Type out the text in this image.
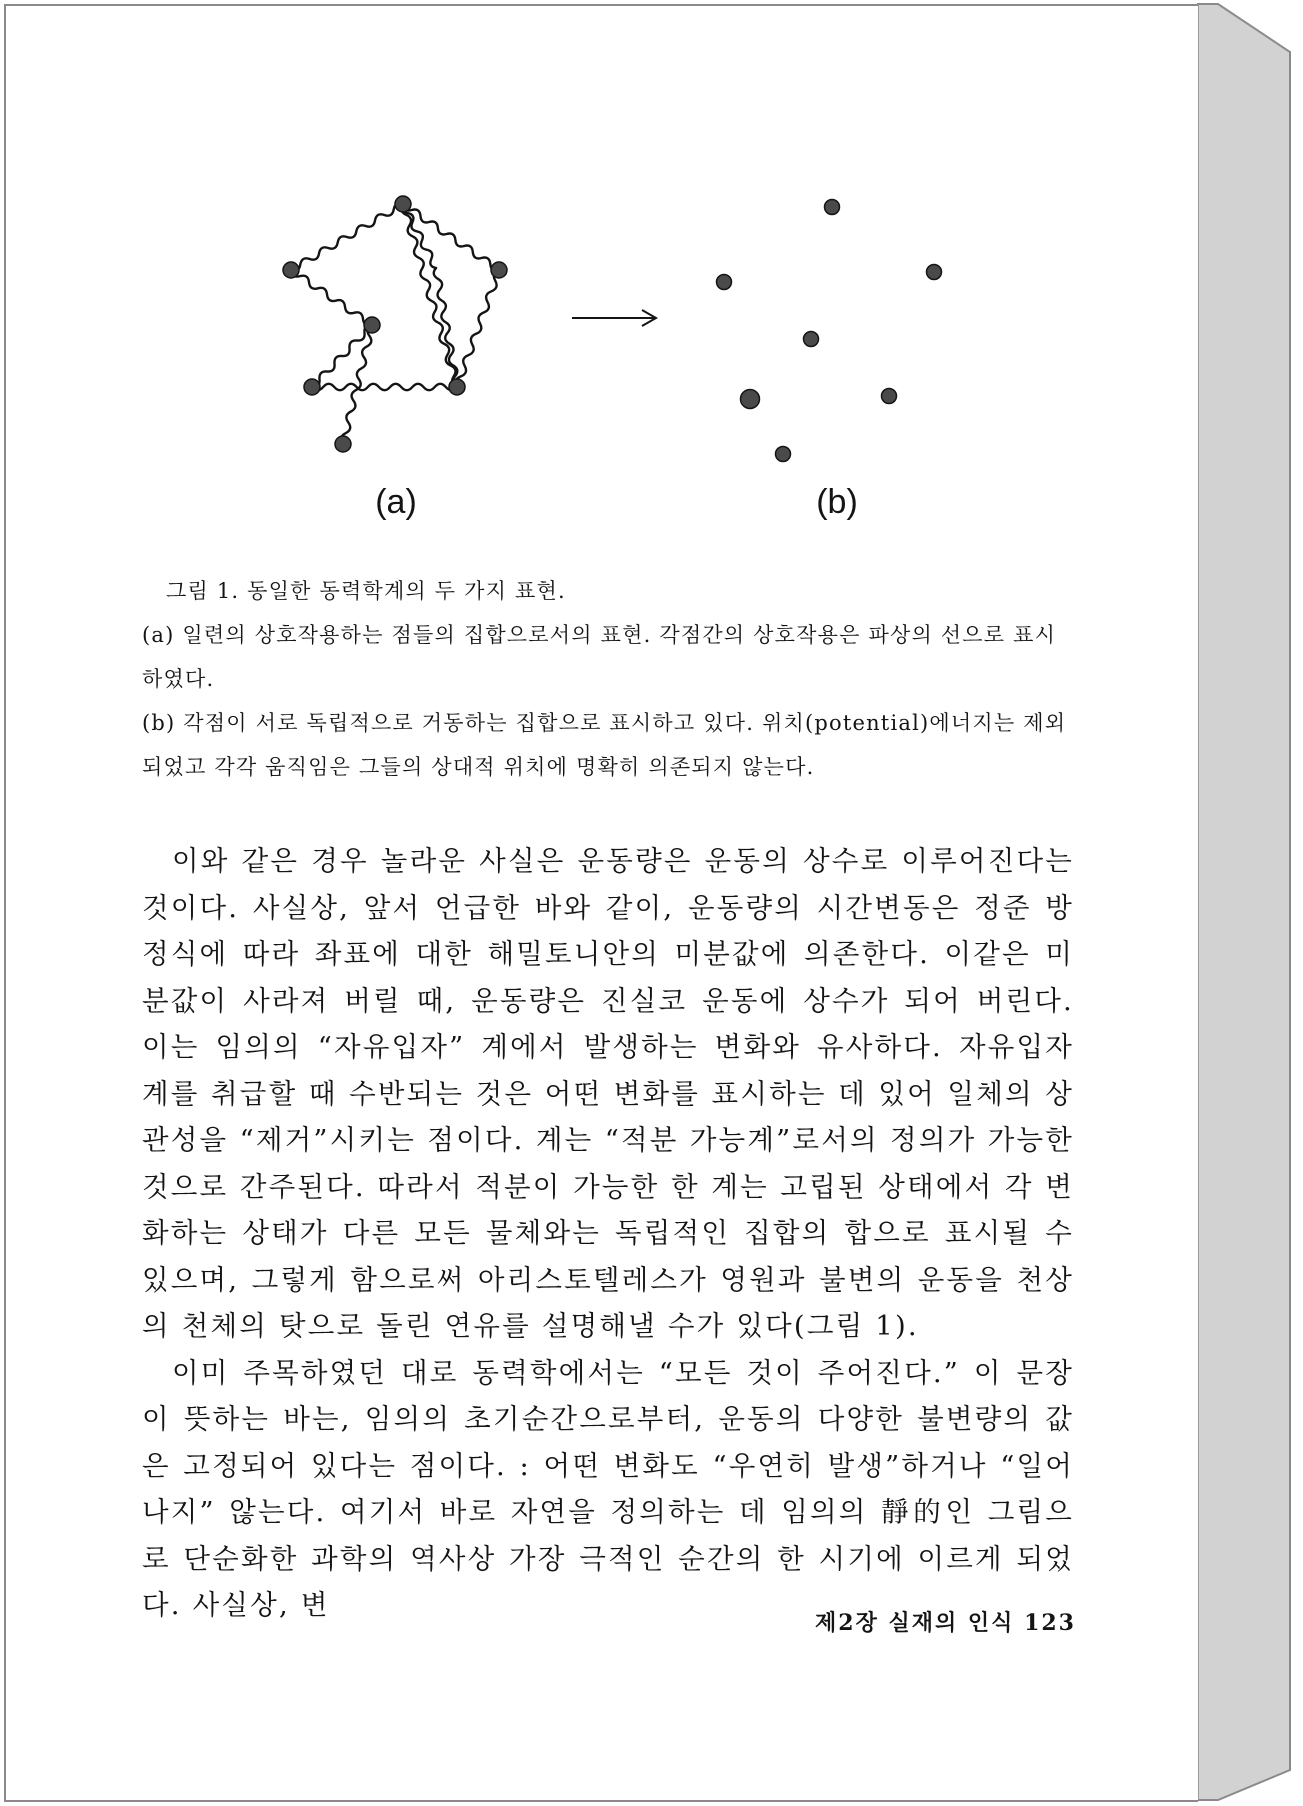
(a)	(b)

그림 1. 동일한 동력학계의 두 가지 표현.

(a) 일련의 상호작용하는 점들의 집합으로서의 표현. 각점간의 상호작용은 파상의 선으로 표시하였다.

(b) 각점이 서로 독립적으로 거동하는 집합으로 표시하고 있다. 위치(potential)에너지는 제외되었고 각각 움직임은 그들의 상대적 위치에 명확히 의존되지 않는다.

이와 같은 경우 놀라운 사실은 운동량은 운동의 상수로 이루어진다는 것이다. 사실상, 앞서 언급한 바와 같이, 운동량의 시간변동은 정준 방정식에 따라 좌표에 대한 해밀토니안의 미분값에 의존한다. 이같은 미분값이 사라져 버릴 때, 운동량은 진실코 운동에 상수가 되어 버린다. 이는 임의의 “자유입자” 계에서 발생하는 변화와 유사하다. 자유입자 계를 취급할 때 수반되는 것은 어떤 변화를 표시하는 데 있어 일체의 상관성을 “제거”시키는 점이다. 계는 “적분 가능계”로서의 정의가 가능한 것으로 간주된다. 따라서 적분이 가능한 한 계는 고립된 상태에서 각 변화하는 상태가 다른 모든 물체와는 독립적인 집합의 합으로 표시될 수 있으며, 그렇게 함으로써 아리스토텔레스가 영원과 불변의 운동을 천상의 천체의 탓으로 돌린 연유를 설명해낼 수가 있다(그림 1).

이미 주목하였던 대로 동력학에서는 “모든 것이 주어진다.” 이 문장이 뜻하는 바는, 임의의 초기순간으로부터, 운동의 다양한 불변량의 값은 고정되어 있다는 점이다. : 어떤 변화도 “우연히 발생”하거나 “일어나지” 않는다. 여기서 바로 자연을 정의하는 데 임의의 靜的인 그림으로 단순화한 과학의 역사상 가장 극적인 순간의 한 시기에 이르게 되었다. 사실상, 변

제2장 실재의 인식 123
